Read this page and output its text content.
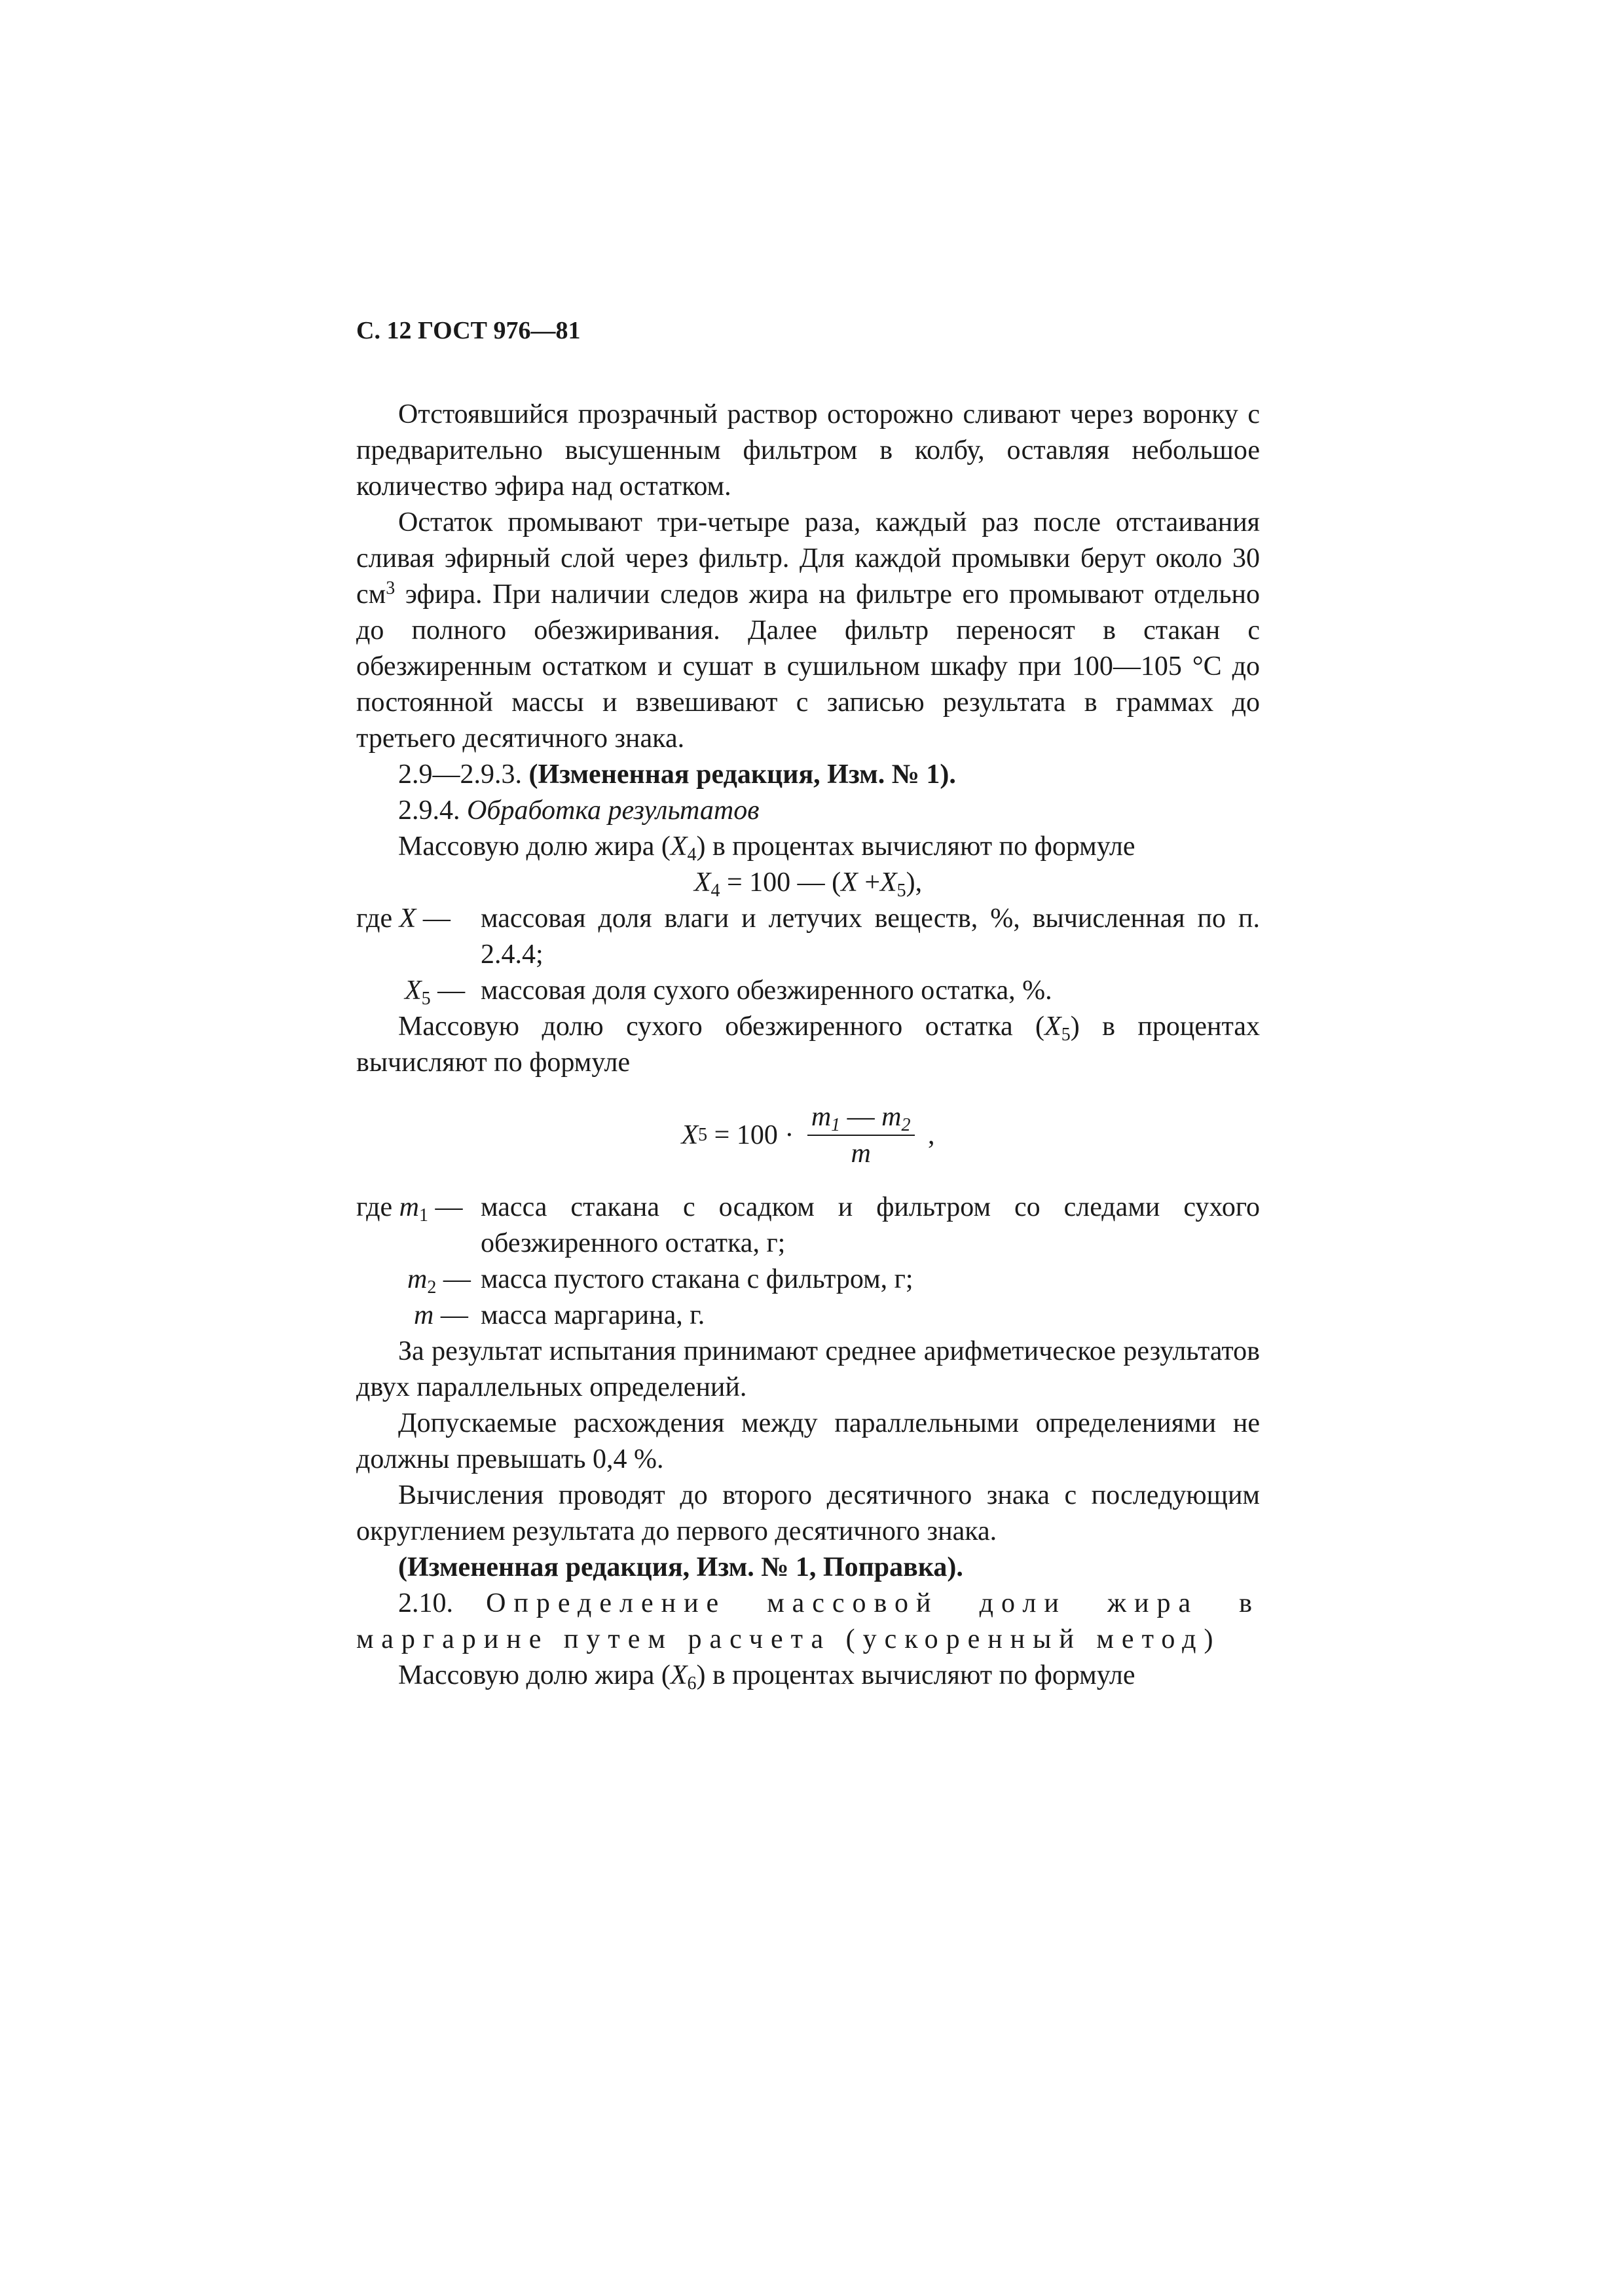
С. 12 ГОСТ 976—81

Отстоявшийся прозрачный раствор осторожно сливают через воронку с предварительно высушенным фильтром в колбу, оставляя небольшое количество эфира над остатком.

Остаток промывают три-четыре раза, каждый раз после отстаивания сливая эфирный слой через фильтр. Для каждой промывки берут около 30 $см^3$ эфира. При наличии следов жира на фильтре его промывают отдельно до полного обезжиривания. Далее фильтр переносят в стакан с обезжиренным остатком и сушат в сушильном шкафу при 100—105 °С до постоянной массы и взвешивают с записью результата в граммах до третьего десятичного знака.

2.9—2.9.3. (Измененная редакция, Изм. № 1).

2.9.4. Обработка результатов

Массовую долю жира $(X_4)$ в процентах вычисляют по формуле

$X_4 = 100$ — $(X +X_5)$,

где X —	массовая доля влаги и летучих веществ, %, вычисленная по п. 2.4.4;
$X_5$ — массовая доля сухого обезжиренного остатка, %.

Массовую долю сухого обезжиренного остатка $(X_5)$ в процентах вычисляют по формуле

X $5 = 100 \cdot \frac{m_1 — m_2}{m}$ ,
где $m_1$ — масса стакана с осадком и фильтром со следами сухого обезжиренного остатка, г;
$m_2$ — масса пустого стакана с фильтром, г;
m — масса маргарина, г.

За результат испытания принимают среднее арифметическое результатов двух параллельных определений.

Допускаемые расхождения между параллельными определениями не должны превышать 0,4 %.

Вычисления проводят до второго десятичного знака с последующим округлением результата до первого десятичного знака.

(Измененная редакция, Изм. № 1, Поправка).

2.10. Определение массовой доли жира в маргарине путем расчета (ускоренный метод)

Массовую долю жира $(X_6)$ в процентах вычисляют по формуле
